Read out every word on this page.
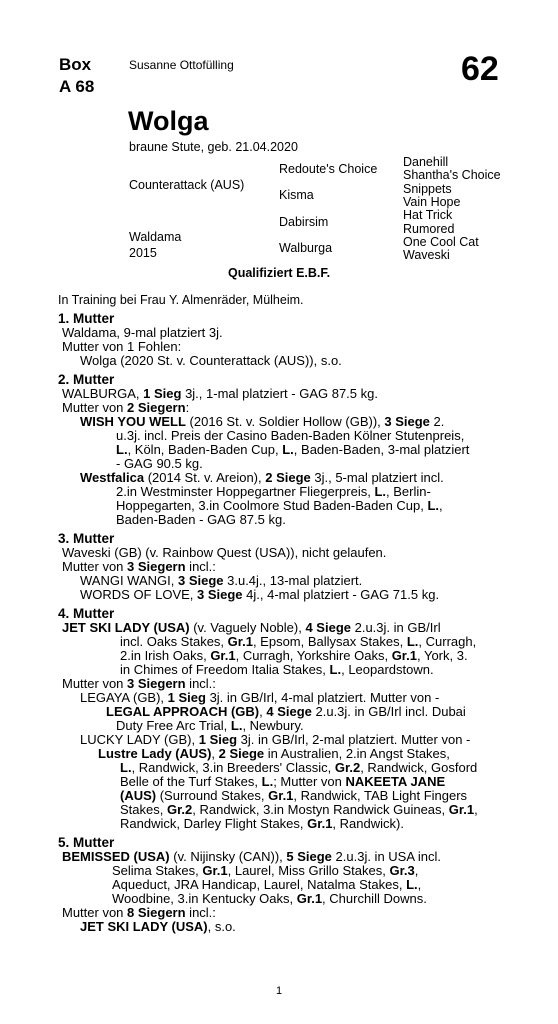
Box
A 68
Susanne Ottofülling	62
Wolga
braune Stute, geb. 21.04.2020
Counterattack (AUS)
Waldama
2015
Redoute's Choice
Kisma
Dabirsim
Walburga
Danehill
Shantha's Choice
Snippets
Vain Hope
Hat Trick
Rumored
One Cool Cat
Waveski
Qualifiziert E.B.F.
In Training bei Frau Y. Almenräder, Mülheim.
1. Mutter
Waldama, 9-mal platziert 3j.
Mutter von 1 Fohlen:
Wolga (2020 St. v. Counterattack (AUS)), s.o.
2. Mutter
WALBURGA, 1 Sieg 3j., 1-mal platziert - GAG 87.5 kg.
Mutter von 2 Siegern:
WISH YOU WELL (2016 St. v. Soldier Hollow (GB)), 3 Siege 2.
u.3j. incl. Preis der Casino Baden-Baden Kölner Stutenpreis,
L., Köln, Baden-Baden Cup, L., Baden-Baden, 3-mal platziert
- GAG 90.5 kg.
Westfalica (2014 St. v. Areion), 2 Siege 3j., 5-mal platziert incl.
2.in Westminster Hoppegartner Fliegerpreis, L., Berlin-
Hoppegarten, 3.in Coolmore Stud Baden-Baden Cup, L.,
Baden-Baden - GAG 87.5 kg.
3. Mutter
Waveski (GB) (v. Rainbow Quest (USA)), nicht gelaufen.
Mutter von 3 Siegern incl.:
WANGI WANGI, 3 Siege 3.u.4j., 13-mal platziert.
WORDS OF LOVE, 3 Siege 4j., 4-mal platziert - GAG 71.5 kg.
4. Mutter
JET SKI LADY (USA) (v. Vaguely Noble), 4 Siege 2.u.3j. in GB/Irl
incl. Oaks Stakes, Gr.1, Epsom, Ballysax Stakes, L., Curragh,
2.in Irish Oaks, Gr.1, Curragh, Yorkshire Oaks, Gr.1, York, 3.
in Chimes of Freedom Italia Stakes, L., Leopardstown.
Mutter von 3 Siegern incl.:
LEGAYA (GB), 1 Sieg 3j. in GB/Irl, 4-mal platziert. Mutter von -
LEGAL APPROACH (GB), 4 Siege 2.u.3j. in GB/Irl incl. Dubai
Duty Free Arc Trial, L., Newbury.
LUCKY LADY (GB), 1 Sieg 3j. in GB/Irl, 2-mal platziert. Mutter von -
Lustre Lady (AUS), 2 Siege in Australien, 2.in Angst Stakes,
L., Randwick, 3.in Breeders' Classic, Gr.2, Randwick, Gosford
Belle of the Turf Stakes, L.; Mutter von NAKEETA JANE
(AUS) (Surround Stakes, Gr.1, Randwick, TAB Light Fingers
Stakes, Gr.2, Randwick, 3.in Mostyn Randwick Guineas, Gr.1,
Randwick, Darley Flight Stakes, Gr.1, Randwick).
5. Mutter
BEMISSED (USA) (v. Nijinsky (CAN)), 5 Siege 2.u.3j. in USA incl.
Selima Stakes, Gr.1, Laurel, Miss Grillo Stakes, Gr.3,
Aqueduct, JRA Handicap, Laurel, Natalma Stakes, L.,
Woodbine, 3.in Kentucky Oaks, Gr.1, Churchill Downs.
Mutter von 8 Siegern incl.:
JET SKI LADY (USA), s.o.
1
